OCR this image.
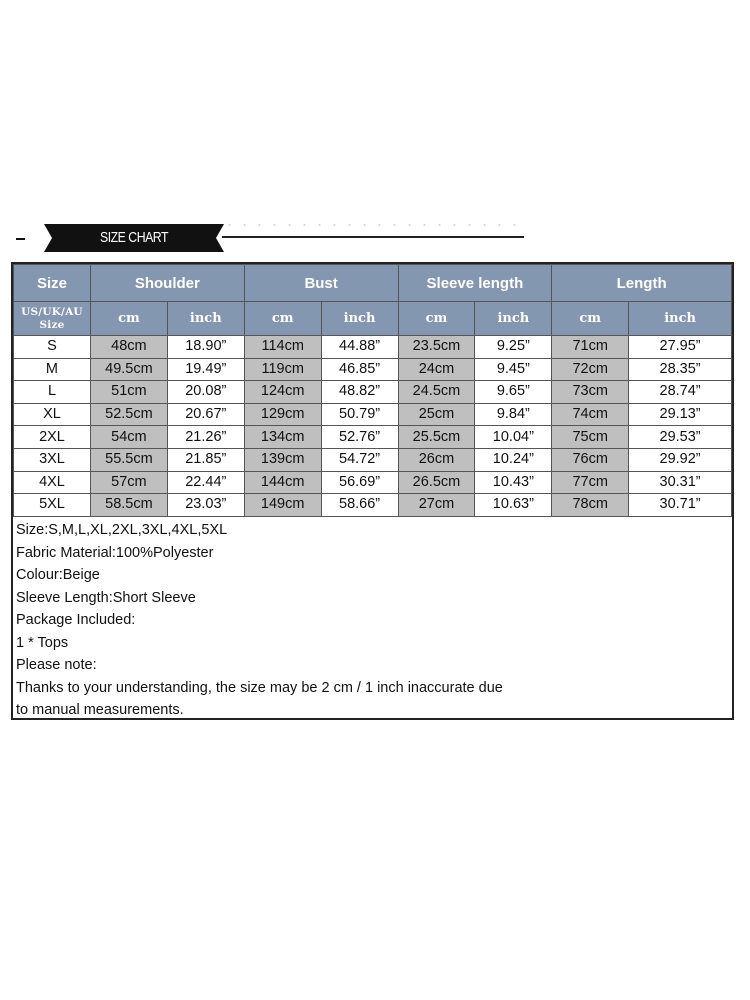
SIZE CHART
Size	Shoulder		Bust		Sleeve length		Length	
US/UK/AU Size	cm	inch	cm	inch	cm	inch	cm	inch
S	48cm	18.90”	114cm	44.88”	23.5cm	9.25”	71cm	27.95”
M	49.5cm	19.49”	119cm	46.85”	24cm	9.45”	72cm	28.35”
L	51cm	20.08”	124cm	48.82”	24.5cm	9.65”	73cm	28.74”
XL	52.5cm	20.67”	129cm	50.79”	25cm	9.84”	74cm	29.13”
2XL	54cm	21.26”	134cm	52.76”	25.5cm	10.04”	75cm	29.53”
3XL	55.5cm	21.85”	139cm	54.72”	26cm	10.24”	76cm	29.92”
4XL	57cm	22.44”	144cm	56.69”	26.5cm	10.43”	77cm	30.31”
5XL	58.5cm	23.03”	149cm	58.66”	27cm	10.63”	78cm	30.71”
Size:S,M,L,XL,2XL,3XL,4XL,5XL
Fabric Material:100%Polyester
Colour:Beige
Sleeve Length:Short Sleeve
Package Included:
1 * Tops
Please note:
Thanks to your understanding, the size may be 2 cm / 1 inch inaccurate due
to manual measurements.
